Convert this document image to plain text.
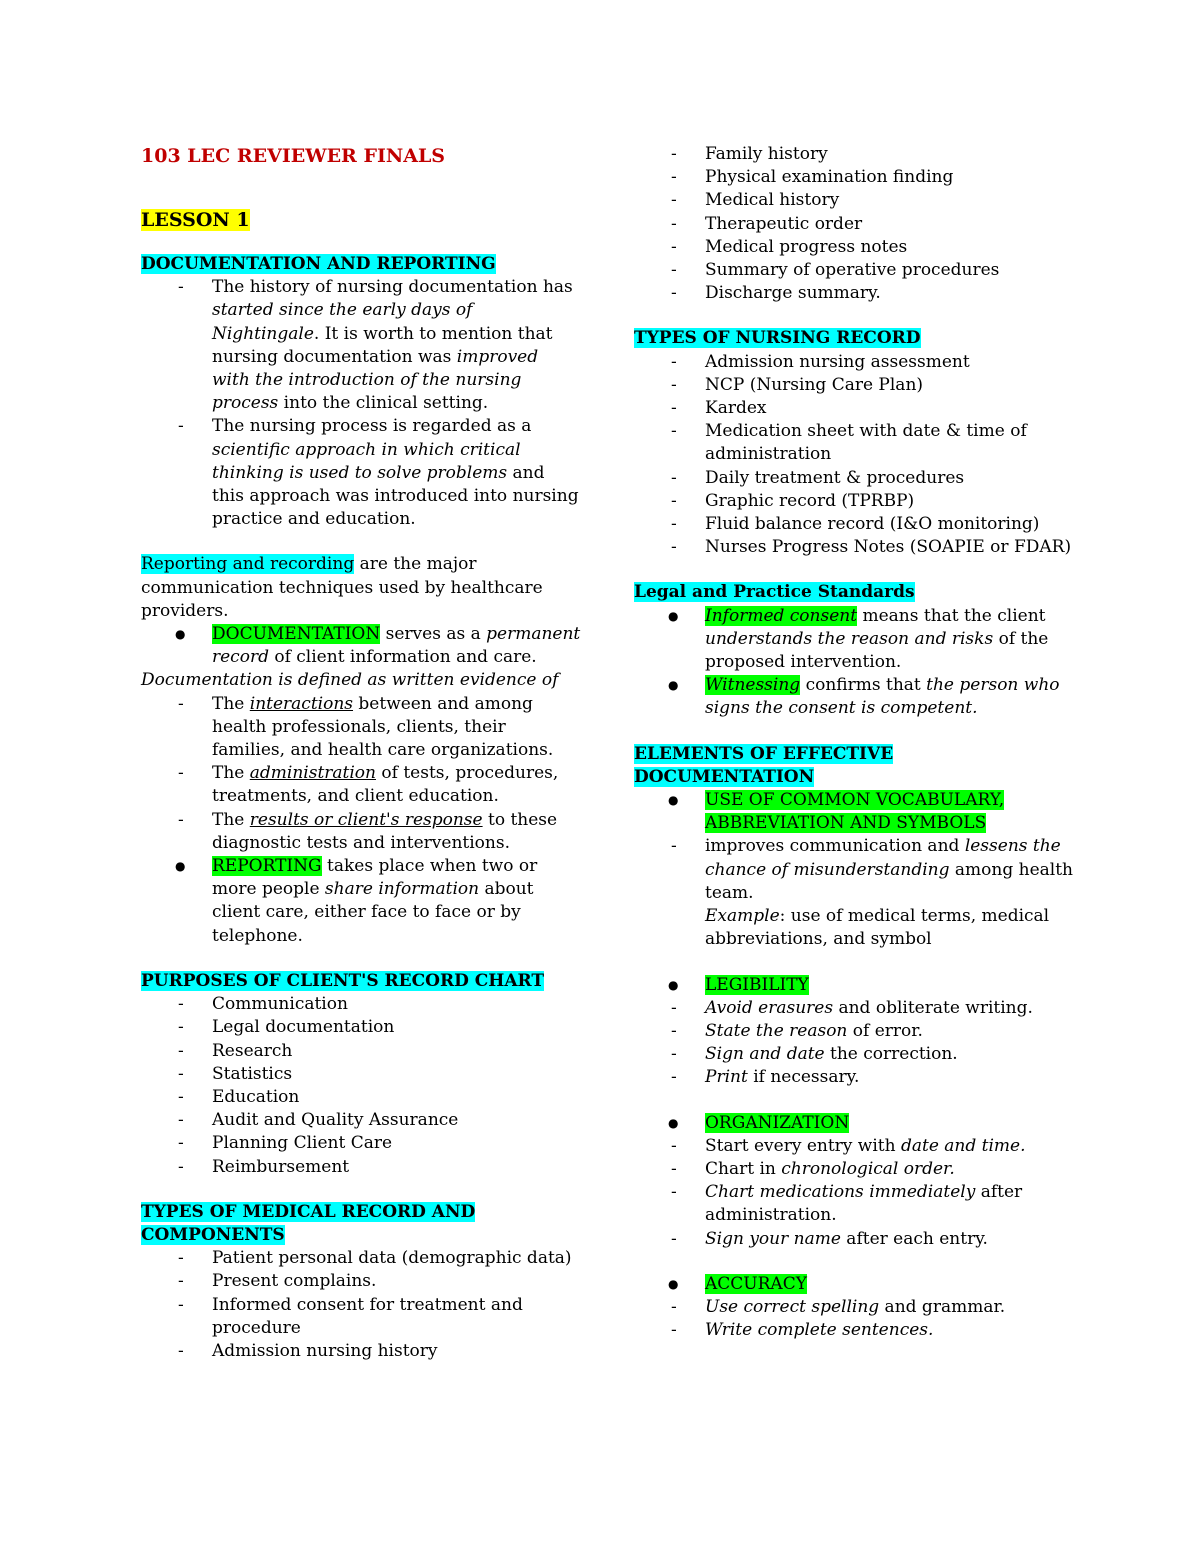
103 LEC REVIEWER FINALS
LESSON 1
DOCUMENTATION AND REPORTING
- The history of nursing documentation has started since the early days of Nightingale. It is worth to mention that nursing documentation was improved with the introduction of the nursing process into the clinical setting.
- The nursing process is regarded as a scientific approach in which critical thinking is used to solve problems and this approach was introduced into nursing practice and education.

Reporting and recording are the major communication techniques used by healthcare providers.

● DOCUMENTATION serves as a permanent record of client information and care.

Documentation is defined as written evidence of

- The interactions between and among health professionals, clients, their families, and health care organizations.
- The administration of tests, procedures, treatments, and client education.
- The results or client's response to these diagnostic tests and interventions.
● REPORTING takes place when two or more people share information about client care, either face to face or by telephone.
PURPOSES OF CLIENT'S RECORD CHART
- Communication
- Legal documentation
- Research
- Statistics
- Education
- Audit and Quality Assurance
- Planning Client Care
- Reimbursement
TYPES OF MEDICAL RECORD AND
COMPONENTS
- Patient personal data (demographic data)
- Present complains.
- Informed consent for treatment and procedure
- Admission nursing history
- Family history
- Physical examination finding
- Medical history
- Therapeutic order
- Medical progress notes
- Summary of operative procedures
- Discharge summary.
TYPES OF NURSING RECORD
- Admission nursing assessment
- NCP (Nursing Care Plan)
- Kardex
- Medication sheet with date & time of administration
- Daily treatment & procedures
- Graphic record (TPRBP)
- Fluid balance record (I&O monitoring)
- Nurses Progress Notes (SOAPIE or FDAR)
Legal and Practice Standards
● Informed consent means that the client understands the reason and risks of the proposed intervention.
● Witnessing confirms that the person who signs the consent is competent.
ELEMENTS OF EFFECTIVE DOCUMENTATION
● USE OF COMMON VOCABULARY,
ABBREVIATION AND SYMBOLS
- improves communication and lessens the chance of misunderstanding among health team.
Example: use of medical terms, medical abbreviations, and symbol
● LEGIBILITY
- Avoid erasures and obliterate writing.
- State the reason of error.
- Sign and date the correction.
- Print if necessary.
● ORGANIZATION
- Start every entry with date and time.
- Chart in chronological order.
- Chart medications immediately after administration.
- Sign your name after each entry.
● ACCURACY
- Use correct spelling and grammar.
- Write complete sentences.
